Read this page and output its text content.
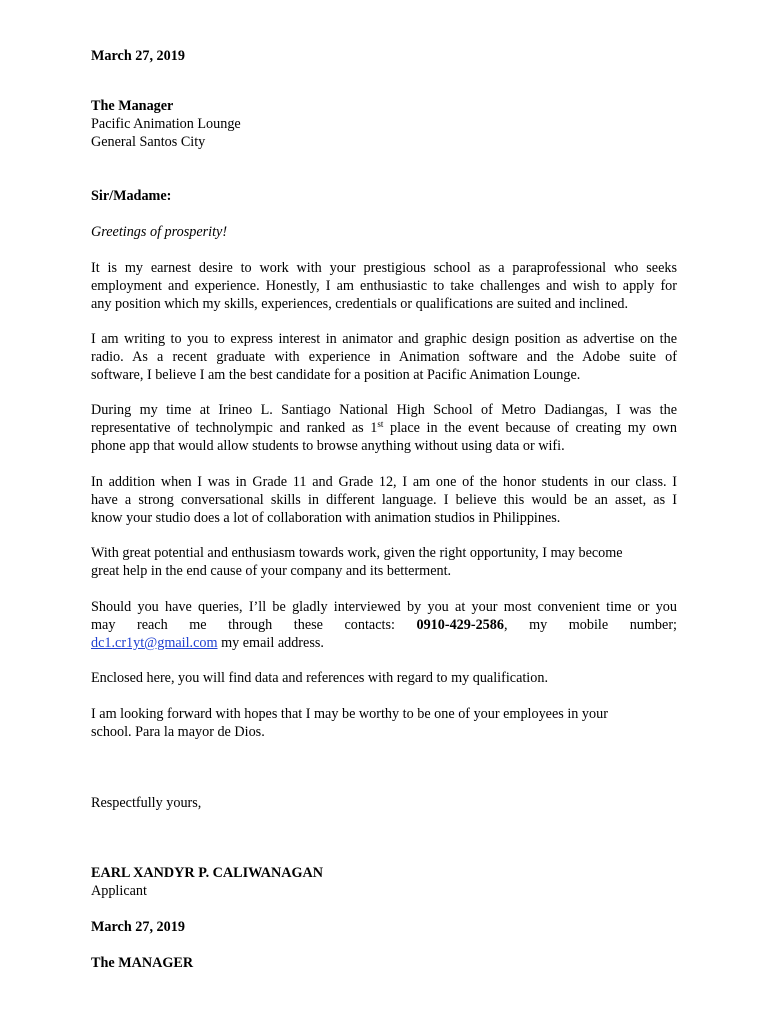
March 27, 2019
The Manager
Pacific Animation Lounge
General Santos City
Sir/Madame:
Greetings of prosperity!
It is my earnest desire to work with your prestigious school as a paraprofessional who seeks
employment and experience. Honestly, I am enthusiastic to take challenges and wish to apply for
any position which my skills, experiences, credentials or qualifications are suited and inclined.
I am writing to you to express interest in animator and graphic design position as advertise on the
radio. As a recent graduate with experience in Animation software and the Adobe suite of
software, I believe I am the best candidate for a position at Pacific Animation Lounge.
During my time at Irineo L. Santiago National High School of Metro Dadiangas, I was the
representative of technolympic and ranked as 1st place in the event because of creating my own
phone app that would allow students to browse anything without using data or wifi.
In addition when I was in Grade 11 and Grade 12, I am one of the honor students in our class. I
have a strong conversational skills in different language. I believe this would be an asset, as I
know your studio does a lot of collaboration with animation studios in Philippines.
With great potential and enthusiasm towards work, given the right opportunity, I may become
great help in the end cause of your company and its betterment.
Should you have queries, I’ll be gladly interviewed by you at your most convenient time or you
may reach me through these contacts: 0910-429-2586, my mobile number;
dc1.cr1yt@gmail.com my email address.
Enclosed here, you will find data and references with regard to my qualification.
I am looking forward with hopes that I may be worthy to be one of your employees in your
school. Para la mayor de Dios.
Respectfully yours,
EARL XANDYR P. CALIWANAGAN
Applicant
March 27, 2019
The MANAGER
